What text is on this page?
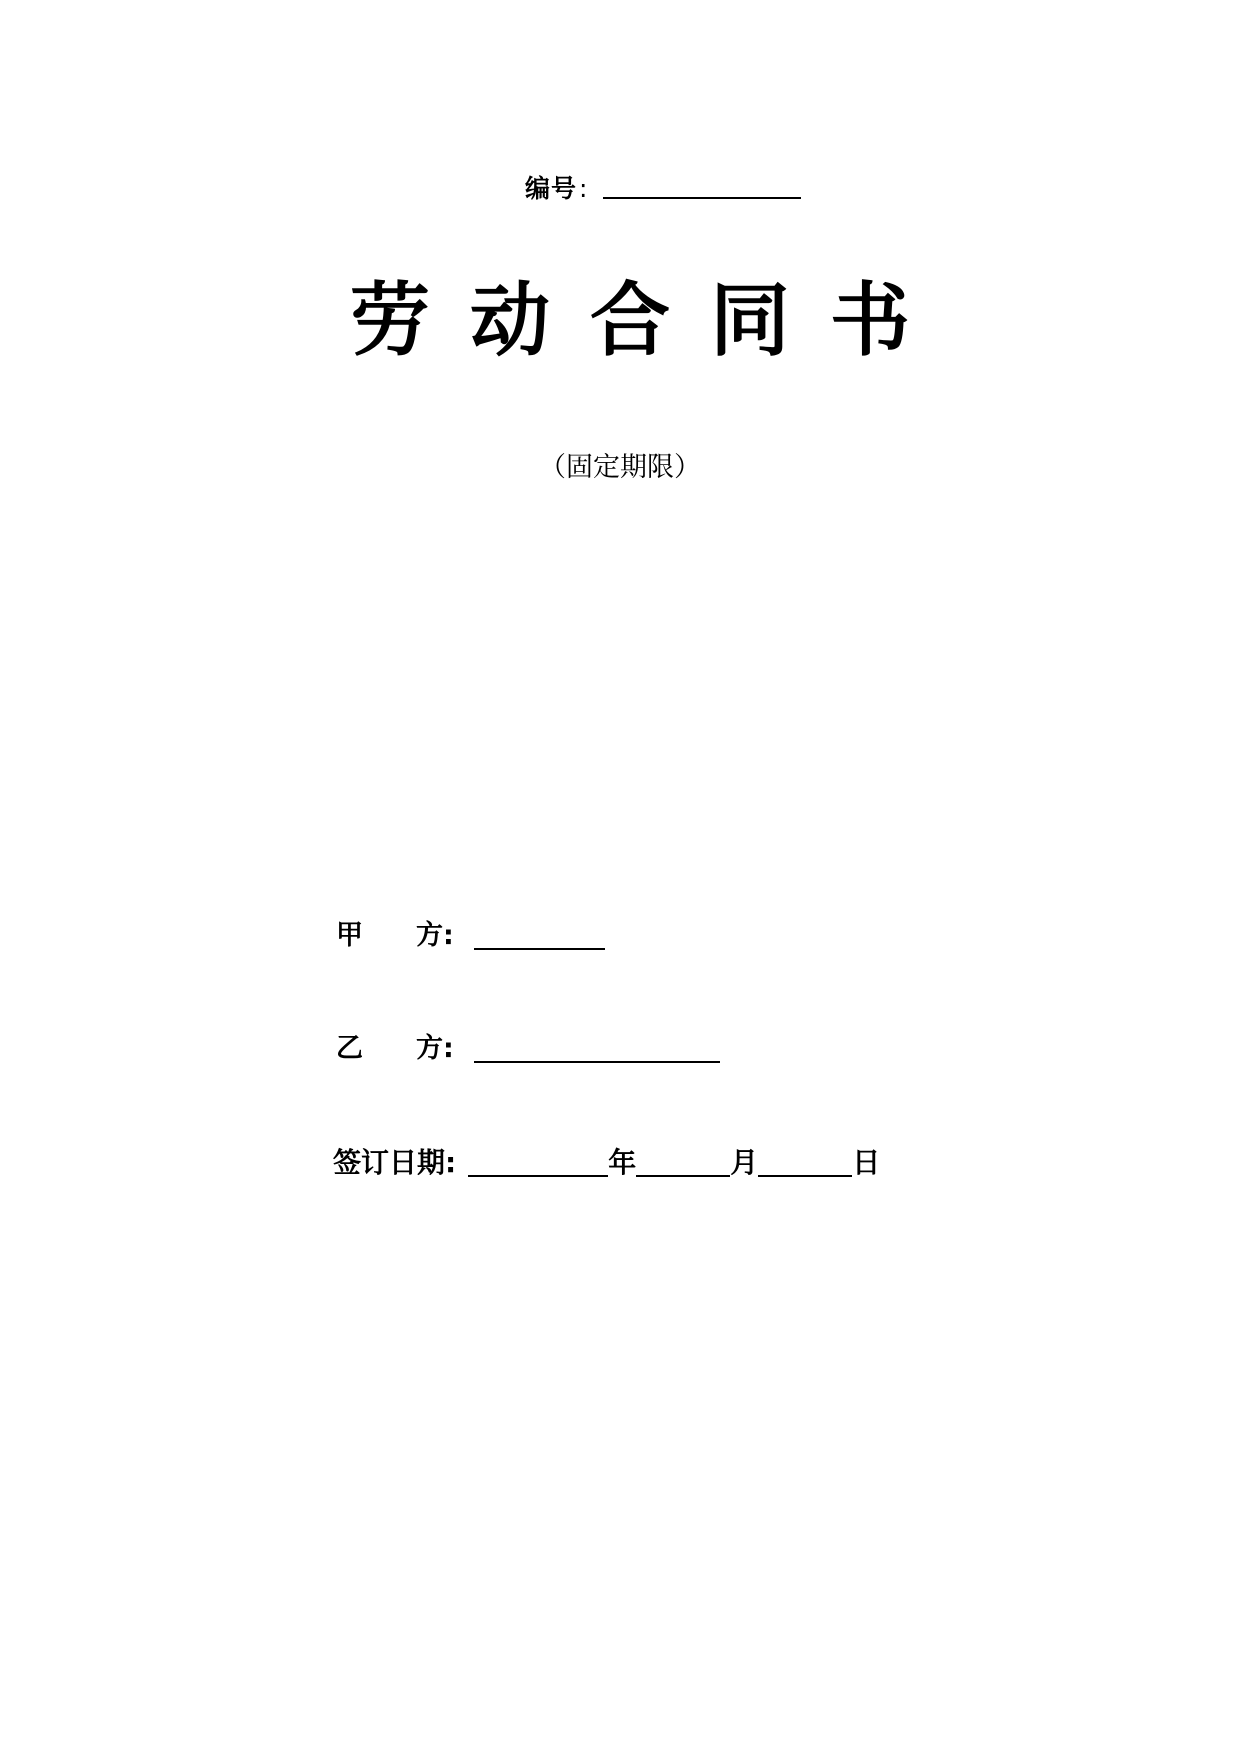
编号 :
劳 动 合 同 书
（固定期限）
甲	方 :
乙	方 :
签订日期 :	年	月	日
